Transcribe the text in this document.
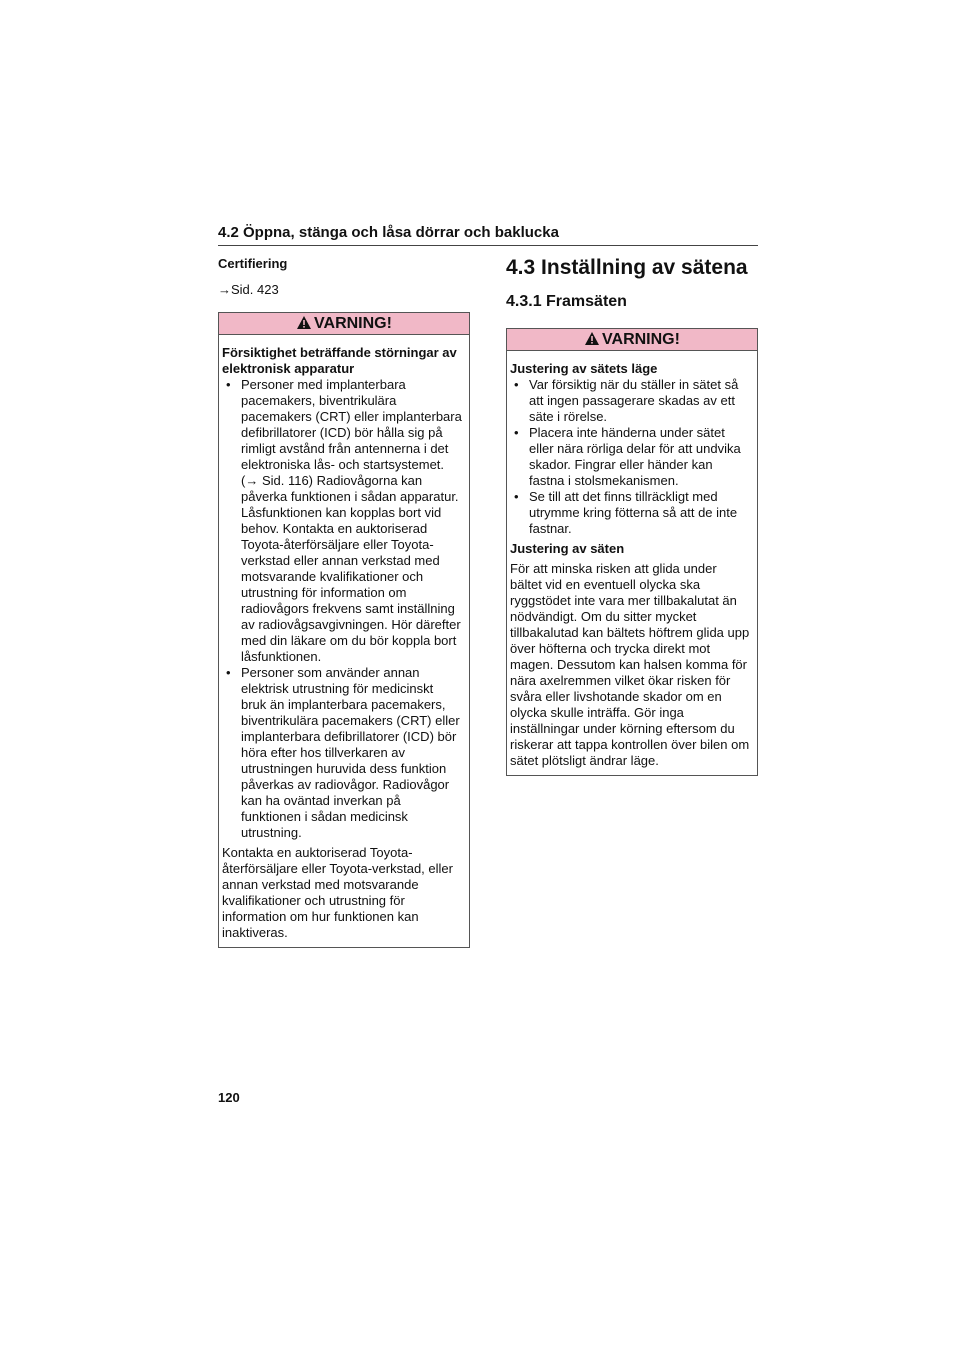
4.2 Öppna, stänga och låsa dörrar och baklucka

Certifiering

→Sid. 423

VARNING!

Försiktighet beträffande störningar av elektronisk apparatur

• Personer med implanterbara pacemakers, biventrikulära pacemakers (CRT) eller implanterbara defibrillatorer (ICD) bör hålla sig på rimligt avstånd från antennerna i det elektroniska lås- och startsystemet. (→ Sid. 116) Radiovågorna kan påverka funktionen i sådan apparatur. Låsfunktionen kan kopplas bort vid behov. Kontakta en auktoriserad Toyota-återförsäljare eller Toyota-verkstad eller annan verkstad med motsvarande kvalifikationer och utrustning för information om radiovågors frekvens samt inställning av radiovågsavgivningen. Hör därefter med din läkare om du bör koppla bort låsfunktionen.
• Personer som använder annan elektrisk utrustning för medicinskt bruk än implanterbara pacemakers, biventrikulära pacemakers (CRT) eller implanterbara defibrillatorer (ICD) bör höra efter hos tillverkaren av utrustningen huruvida dess funktion påverkas av radiovågor. Radiovågor kan ha oväntad inverkan på funktionen i sådan medicinsk utrustning.

Kontakta en auktoriserad Toyota-återförsäljare eller Toyota-verkstad, eller annan verkstad med motsvarande kvalifikationer och utrustning för information om hur funktionen kan inaktiveras.

4.3 Inställning av sätena
4.3.1 Framsäten
VARNING!

Justering av sätets läge

• Var försiktig när du ställer in sätet så att ingen passagerare skadas av ett säte i rörelse.
• Placera inte händerna under sätet eller nära rörliga delar för att undvika skador. Fingrar eller händer kan fastna i stolsmekanismen.
• Se till att det finns tillräckligt med utrymme kring fötterna så att de inte fastnar.

Justering av säten

För att minska risken att glida under bältet vid en eventuell olycka ska ryggstödet inte vara mer tillbakalutat än nödvändigt. Om du sitter mycket tillbakalutad kan bältets höftrem glida upp över höfterna och trycka direkt mot magen. Dessutom kan halsen komma för nära axelremmen vilket ökar risken för svåra eller livshotande skador om en olycka skulle inträffa. Gör inga inställningar under körning eftersom du riskerar att tappa kontrollen över bilen om sätet plötsligt ändrar läge.

120
